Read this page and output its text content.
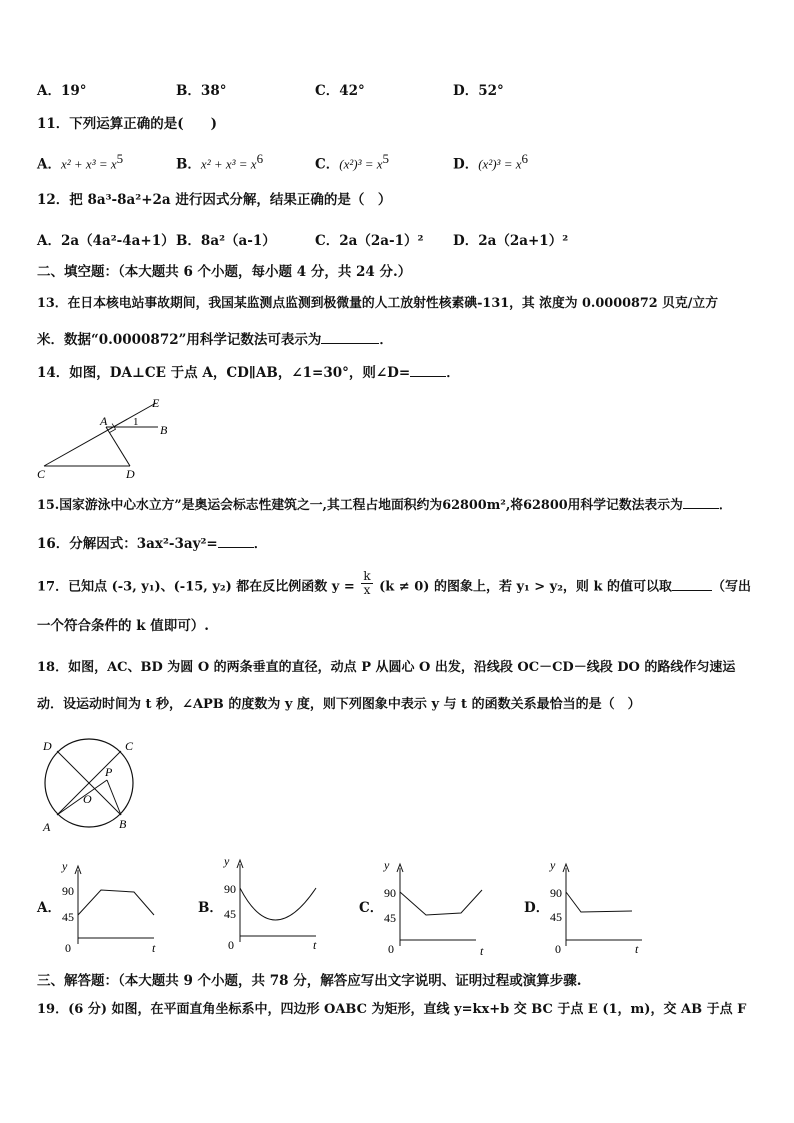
A．19°	B．38°	C．42°	D．52°
11．下列运算正确的是(　　)
A．$x^2 + x^3 = x^5$	B．$x^2 + x^3 = x^6$	C．$(x^2)^3 = x^5$	D．$(x^2)^3 = x^6$
12．把 8a³-8a²+2a 进行因式分解，结果正确的是（　）
A．2a（4a²-4a+1） B．8a²（a-1）	C．2a（2a-1）² D．2a（2a+1）²
二、填空题：（本大题共 6 个小题，每小题 4 分，共 24 分.）
13．在日本核电站事故期间，我国某监测点监测到极微量的人工放射性核素碘-131，其 浓度为 0.0000872 贝克/立方
米．数据“0.0000872”用科学记数法可表示为	．
14．如图，DA⊥CE 于点 A，CD∥AB，∠1=30°，则∠D=	．
E
A 1
B
C	D
15.国家游泳中心水立方”是奥运会标志性建筑之一,其工程占地面积约为62800m²,将62800用科学记数法表示为	．
16．分解因式：3ax²-3ay²=	．
17．已知点 (-3, y₁)、(-15, y₂) 都在反比例函数 $y = \frac{k}{x} (k \ne 0)$ 的图象上，若 y₁ > y₂，则 k 的值可以取	（写出
一个符合条件的 k 值即可）.
18．如图，AC、BD 为圆 O 的两条垂直的直径，动点 P 从圆心 O 出发，沿线段 OC－CD－线段 DO 的路线作匀速运
动．设运动时间为 t 秒，∠APB 的度数为 y 度，则下列图象中表示 y 与 t 的函数关系最恰当的是（　）
D	C
P
O
A	B
A．
y
t
90
45
0
B．
y
t
90
45
0
C．
y
t
90
45
0
D．
y
t
90
45
0
三、解答题：（本大题共 9 个小题，共 78 分，解答应写出文字说明、证明过程或演算步骤.
19．(6 分) 如图，在平面直角坐标系中，四边形 OABC 为矩形，直线 y=kx+b 交 BC 于点 E (1，m)，交 AB 于点 F
